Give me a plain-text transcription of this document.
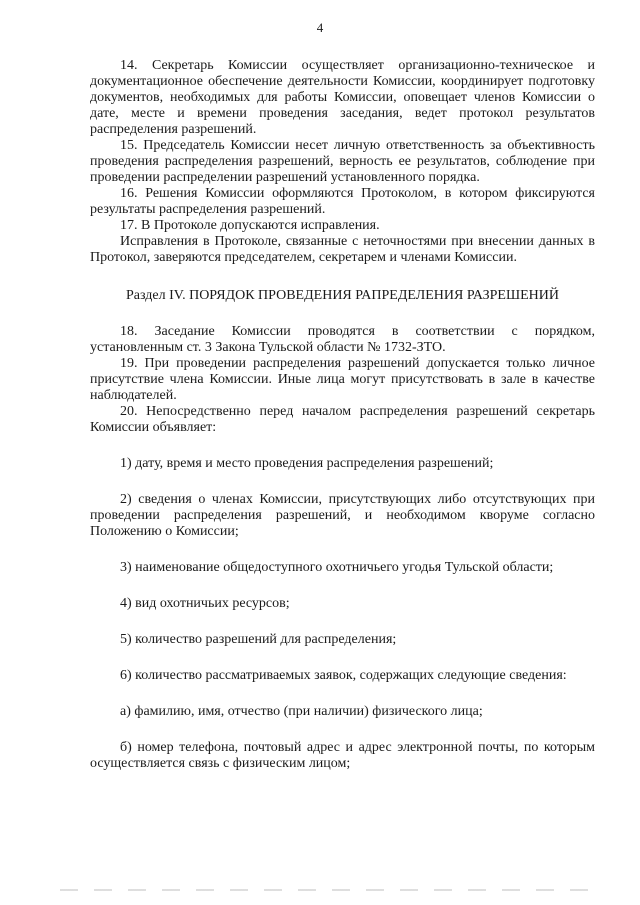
4

14. Секретарь Комиссии осуществляет организационно-техническое и документационное обеспечение деятельности Комиссии, координирует подготовку документов, необходимых для работы Комиссии, оповещает членов Комиссии о дате, месте и времени проведения заседания, ведет протокол результатов распределения разрешений.

15. Председатель Комиссии несет личную ответственность за объективность проведения распределения разрешений, верность ее результатов, соблюдение при проведении распределении разрешений установленного порядка.

16. Решения Комиссии оформляются Протоколом, в котором фиксируются результаты распределения разрешений.

17. В Протоколе допускаются исправления.

Исправления в Протоколе, связанные с неточностями при внесении данных в Протокол, заверяются председателем, секретарем и членами Комиссии.

Раздел IV. ПОРЯДОК ПРОВЕДЕНИЯ РАПРЕДЕЛЕНИЯ РАЗРЕШЕНИЙ

18. Заседание Комиссии проводятся в соответствии с порядком, установленным ст. 3 Закона Тульской области № 1732-ЗТО.

19. При проведении распределения разрешений допускается только личное присутствие члена Комиссии. Иные лица могут присутствовать в зале в качестве наблюдателей.

20. Непосредственно перед началом распределения разрешений секретарь Комиссии объявляет:

1) дату, время и место проведения распределения разрешений;

2) сведения о членах Комиссии, присутствующих либо отсутствующих при проведении распределения разрешений, и необходимом кворуме согласно Положению о Комиссии;

3) наименование общедоступного охотничьего угодья Тульской области;

4) вид охотничьих ресурсов;

5) количество разрешений для распределения;

6) количество рассматриваемых заявок, содержащих следующие сведения:

а) фамилию, имя, отчество (при наличии) физического лица;

б) номер телефона, почтовый адрес и адрес электронной почты, по которым осуществляется связь с физическим лицом;
